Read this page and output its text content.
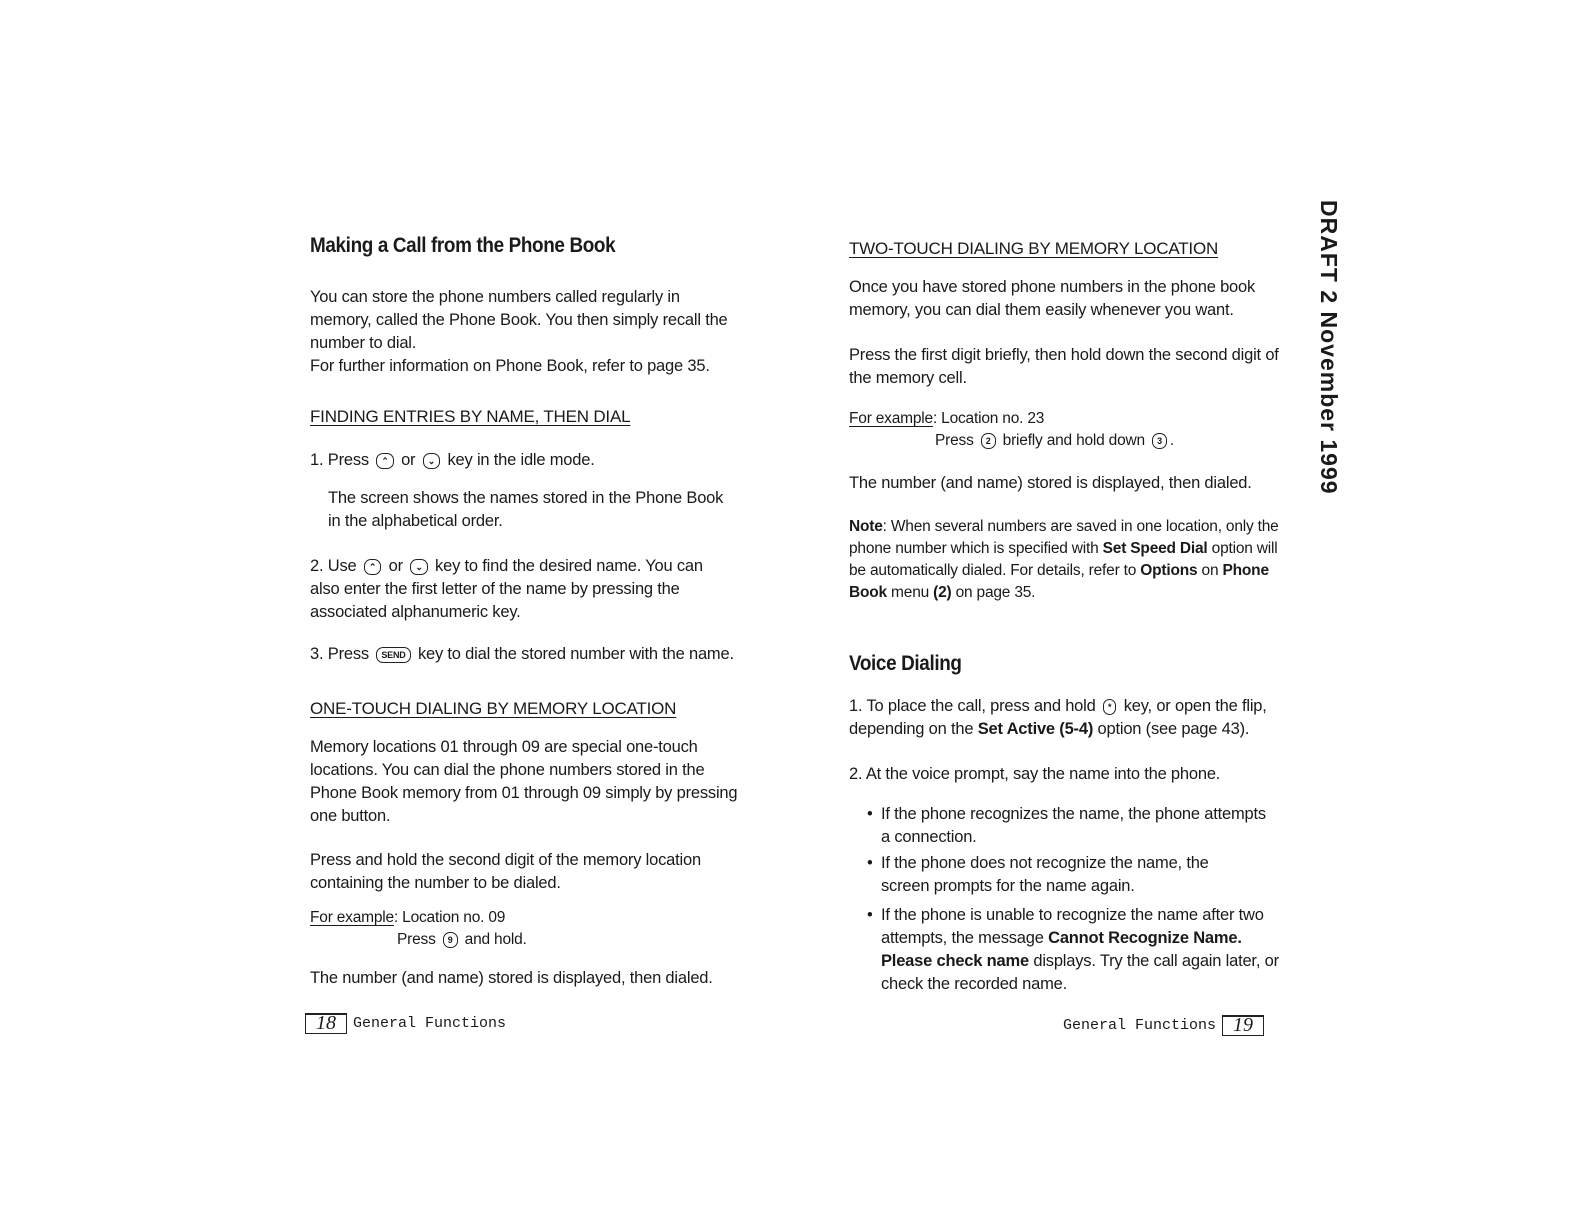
Making a Call from the Phone Book
You can store the phone numbers called regularly in memory, called the Phone Book. You then simply recall the number to dial.
For further information on Phone Book, refer to page 35.
FINDING ENTRIES BY NAME, THEN DIAL
1. Press ⌃ or ⌄ key in the idle mode.
The screen shows the names stored in the Phone Book in the alphabetical order.
2. Use ⌃ or ⌄ key to find the desired name. You can also enter the first letter of the name by pressing the associated alphanumeric key.
3. Press SEND key to dial the stored number with the name.
ONE-TOUCH DIALING BY MEMORY LOCATION
Memory locations 01 through 09 are special one-touch locations. You can dial the phone numbers stored in the Phone Book memory from 01 through 09 simply by pressing one button.
Press and hold the second digit of the memory location containing the number to be dialed.
For example: Location no. 09
Press 9 and hold.
The number (and name) stored is displayed, then dialed.
18	General Functions
TWO-TOUCH DIALING BY MEMORY LOCATION
Once you have stored phone numbers in the phone book memory, you can dial them easily whenever you want.
Press the first digit briefly, then hold down the second digit of the memory cell.
For example: Location no. 23
Press 2 briefly and hold down 3 .
The number (and name) stored is displayed, then dialed.
Note: When several numbers are saved in one location, only the phone number which is specified with Set Speed Dial option will be automatically dialed. For details, refer to Options on Phone Book menu (2) on page 35.
Voice Dialing
1. To place the call, press and hold * key, or open the flip, depending on the Set Active (5-4) option (see page 43).
2. At the voice prompt, say the name into the phone.
• If the phone recognizes the name, the phone attempts a connection.
• If the phone does not recognize the name, the screen prompts for the name again.
• If the phone is unable to recognize the name after two attempts, the message Cannot Recognize Name. Please check name displays. Try the call again later, or check the recorded name.
General Functions 19
DRAFT 2 November 1999
